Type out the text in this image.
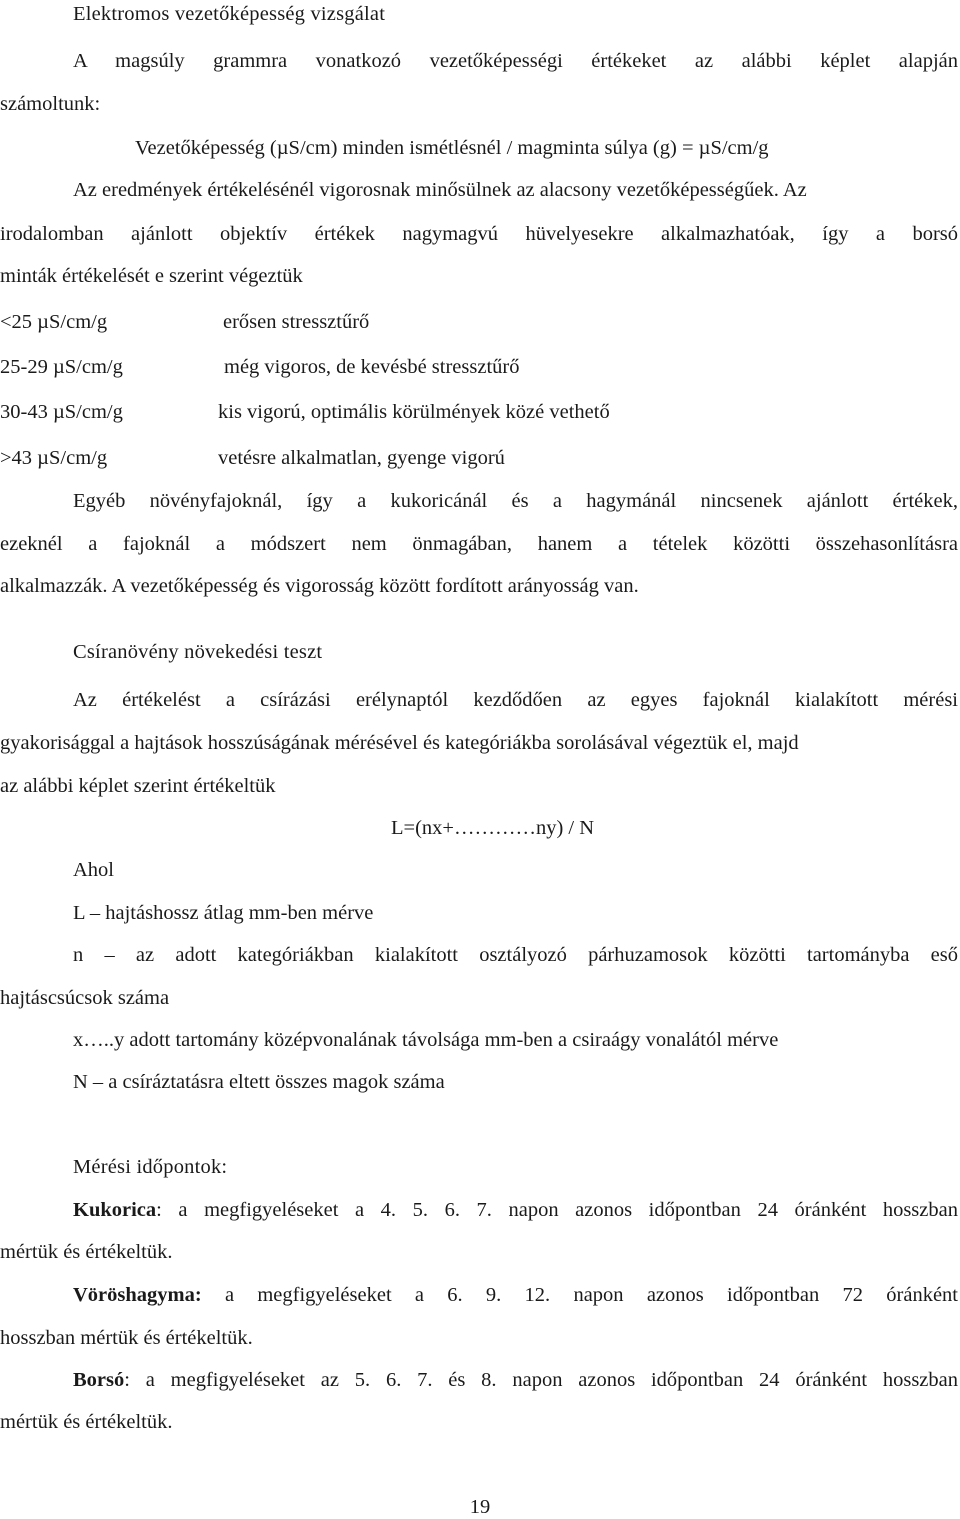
Elektromos vezetőképesség vizsgálat
A magsúly grammra vonatkozó vezetőképességi értékeket az alábbi képlet alapján
számoltunk:
Vezetőképesség (µS/cm) minden ismétlésnél / magminta súlya (g) = µS/cm/g
Az eredmények értékelésénél vigorosnak minősülnek az alacsony vezetőképességűek. Az
irodalomban ajánlott objektív értékek nagymagvú hüvelyesekre alkalmazhatóak, így a borsó
minták értékelését e szerint végeztük
<25 µS/cm/g	erősen stressztűrő
25-29 µS/cm/g	még vigoros, de kevésbé stressztűrő
30-43 µS/cm/g	kis vigorú, optimális körülmények közé vethető
>43 µS/cm/g	vetésre alkalmatlan, gyenge vigorú
Egyéb növényfajoknál, így a kukoricánál és a hagymánál nincsenek ajánlott értékek,
ezeknél a fajoknál a módszert nem önmagában, hanem a tételek közötti összehasonlításra
alkalmazzák. A vezetőképesség és vigorosság között fordított arányosság van.
Csíranövény növekedési teszt
Az értékelést a csírázási erélynaptól kezdődően az egyes fajoknál kialakított mérési
gyakorisággal a hajtások hosszúságának mérésével és kategóriákba sorolásával végeztük el, majd
az alábbi képlet szerint értékeltük
L=(nx+…………ny) / N
Ahol
L – hajtáshossz átlag mm-ben mérve
n – az adott kategóriákban kialakított osztályozó párhuzamosok közötti tartományba eső
hajtáscsúcsok száma
x…..y adott tartomány középvonalának távolsága mm-ben a csiraágy vonalától mérve
N – a csíráztatásra eltett összes magok száma
Mérési időpontok:
Kukorica: a megfigyeléseket a 4. 5. 6. 7. napon azonos időpontban 24 óránként hosszban
mértük és értékeltük.
Vöröshagyma: a megfigyeléseket a 6. 9. 12. napon azonos időpontban 72 óránként
hosszban mértük és értékeltük.
Borsó: a megfigyeléseket az 5. 6. 7. és 8. napon azonos időpontban 24 óránként hosszban
mértük és értékeltük.
19
